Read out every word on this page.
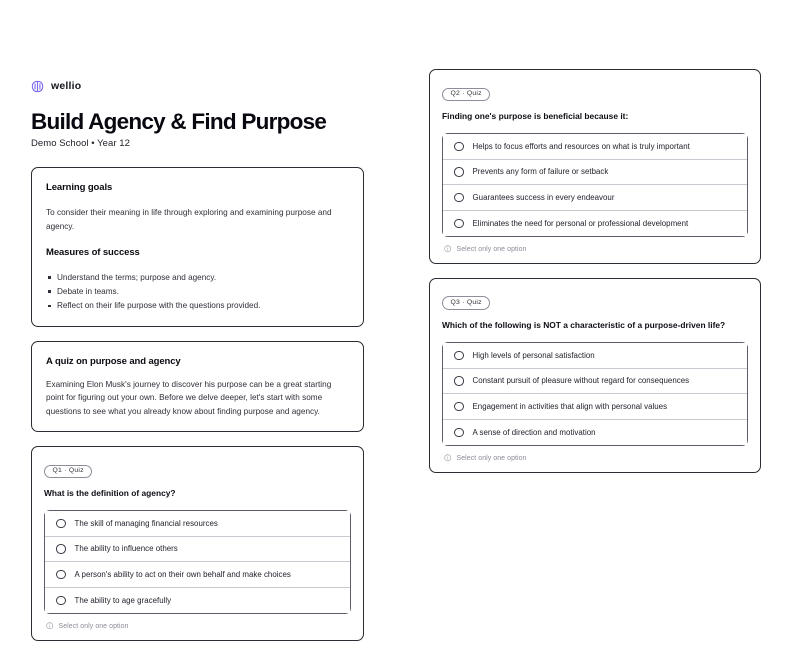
wellio
Build Agency & Find Purpose
Demo School • Year 12
Learning goals

To consider their meaning in life through exploring and examining purpose and agency.

Measures of success
Understand the terms; purpose and agency.
Debate in teams.
Reflect on their life purpose with the questions provided.
A quiz on purpose and agency

Examining Elon Musk's journey to discover his purpose can be a great starting point for figuring out your own. Before we delve deeper, let's start with some questions to see what you already know about finding purpose and agency.

Q1 · Quiz
What is the definition of agency?
The skill of managing financial resources
The ability to influence others
A person's ability to act on their own behalf and make choices
The ability to age gracefully
Select only one option
Q2 · Quiz
Finding one's purpose is beneficial because it:
Helps to focus efforts and resources on what is truly important
Prevents any form of failure or setback
Guarantees success in every endeavour
Eliminates the need for personal or professional development
Select only one option
Q3 · Quiz
Which of the following is NOT a characteristic of a purpose-driven life?
High levels of personal satisfaction
Constant pursuit of pleasure without regard for consequences
Engagement in activities that align with personal values
A sense of direction and motivation
Select only one option
